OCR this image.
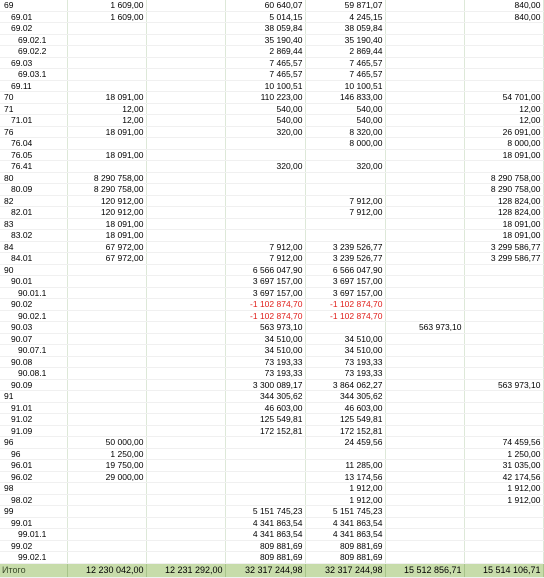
69	1 609,00		60 640,07	59 871,07		840,00
69.01	1 609,00		5 014,15	4 245,15		840,00
69.02			38 059,84	38 059,84		
69.02.1			35 190,40	35 190,40		
69.02.2			2 869,44	2 869,44		
69.03			7 465,57	7 465,57		
69.03.1			7 465,57	7 465,57		
69.11			10 100,51	10 100,51		
70	18 091,00		110 223,00	146 833,00		54 701,00
71	12,00		540,00	540,00		12,00
71.01	12,00		540,00	540,00		12,00
76	18 091,00		320,00	8 320,00		26 091,00
76.04				8 000,00		8 000,00
76.05	18 091,00					18 091,00
76.41			320,00	320,00		
80	8 290 758,00					8 290 758,00
80.09	8 290 758,00					8 290 758,00
82	120 912,00			7 912,00		128 824,00
82.01	120 912,00			7 912,00		128 824,00
83	18 091,00					18 091,00
83.02	18 091,00					18 091,00
84	67 972,00		7 912,00	3 239 526,77		3 299 586,77
84.01	67 972,00		7 912,00	3 239 526,77		3 299 586,77
90			6 566 047,90	6 566 047,90		
90.01			3 697 157,00	3 697 157,00		
90.01.1			3 697 157,00	3 697 157,00		
90.02			-1 102 874,70	-1 102 874,70		
90.02.1			-1 102 874,70	-1 102 874,70		
90.03			563 973,10		563 973,10	
90.07			34 510,00	34 510,00		
90.07.1			34 510,00	34 510,00		
90.08			73 193,33	73 193,33		
90.08.1			73 193,33	73 193,33		
90.09			3 300 089,17	3 864 062,27		563 973,10
91			344 305,62	344 305,62		
91.01			46 603,00	46 603,00		
91.02			125 549,81	125 549,81		
91.09			172 152,81	172 152,81		
96	50 000,00			24 459,56		74 459,56
96	1 250,00					1 250,00
96.01	19 750,00			11 285,00		31 035,00
96.02	29 000,00			13 174,56		42 174,56
98				1 912,00		1 912,00
98.02				1 912,00		1 912,00
99			5 151 745,23	5 151 745,23		
99.01			4 341 863,54	4 341 863,54		
99.01.1			4 341 863,54	4 341 863,54		
99.02			809 881,69	809 881,69		
99.02.1			809 881,69	809 881,69		
Итого	12 230 042,00	12 231 292,00	32 317 244,98	32 317 244,98	15 512 856,71	15 514 106,71
